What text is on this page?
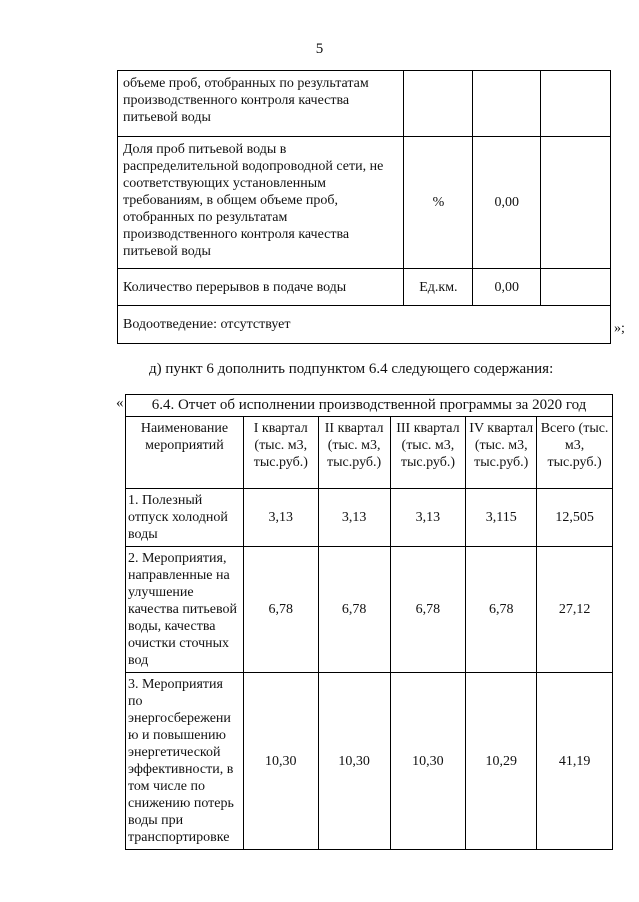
5
объеме проб, отобранных по результатам производственного контроля качества питьевой воды			
Доля проб питьевой воды в распределительной водопроводной сети, не соответствующих установленным требованиям, в общем объеме проб, отобранных по результатам производственного контроля качества питьевой воды	%	0,00	
Количество перерывов в подаче воды	Ед.км.	0,00	
Водоотведение: отсутствует				»;
д) пункт 6 дополнить подпунктом 6.4 следующего содержания:
« 6.4. Отчет об исполнении производственной программы за 2020 год					
Наименование мероприятий	I квартал (тыс. м3, тыс.руб.)	II квартал (тыс. м3, тыс.руб.)	III квартал (тыс. м3, тыс.руб.)	IV квартал (тыс. м3, тыс.руб.)	Всего (тыс. м3, тыс.руб.)
1. Полезный отпуск холодной воды	3,13	3,13	3,13	3,115	12,505
2. Мероприятия, направленные на улучшение качества питьевой воды, качества очистки сточных вод	6,78	6,78	6,78	6,78	27,12
3. Мероприятия по энергосбережени ю и повышению энергетической эффективности, в том числе по снижению потерь воды при транспортировке	10,30	10,30	10,30	10,29	41,19
